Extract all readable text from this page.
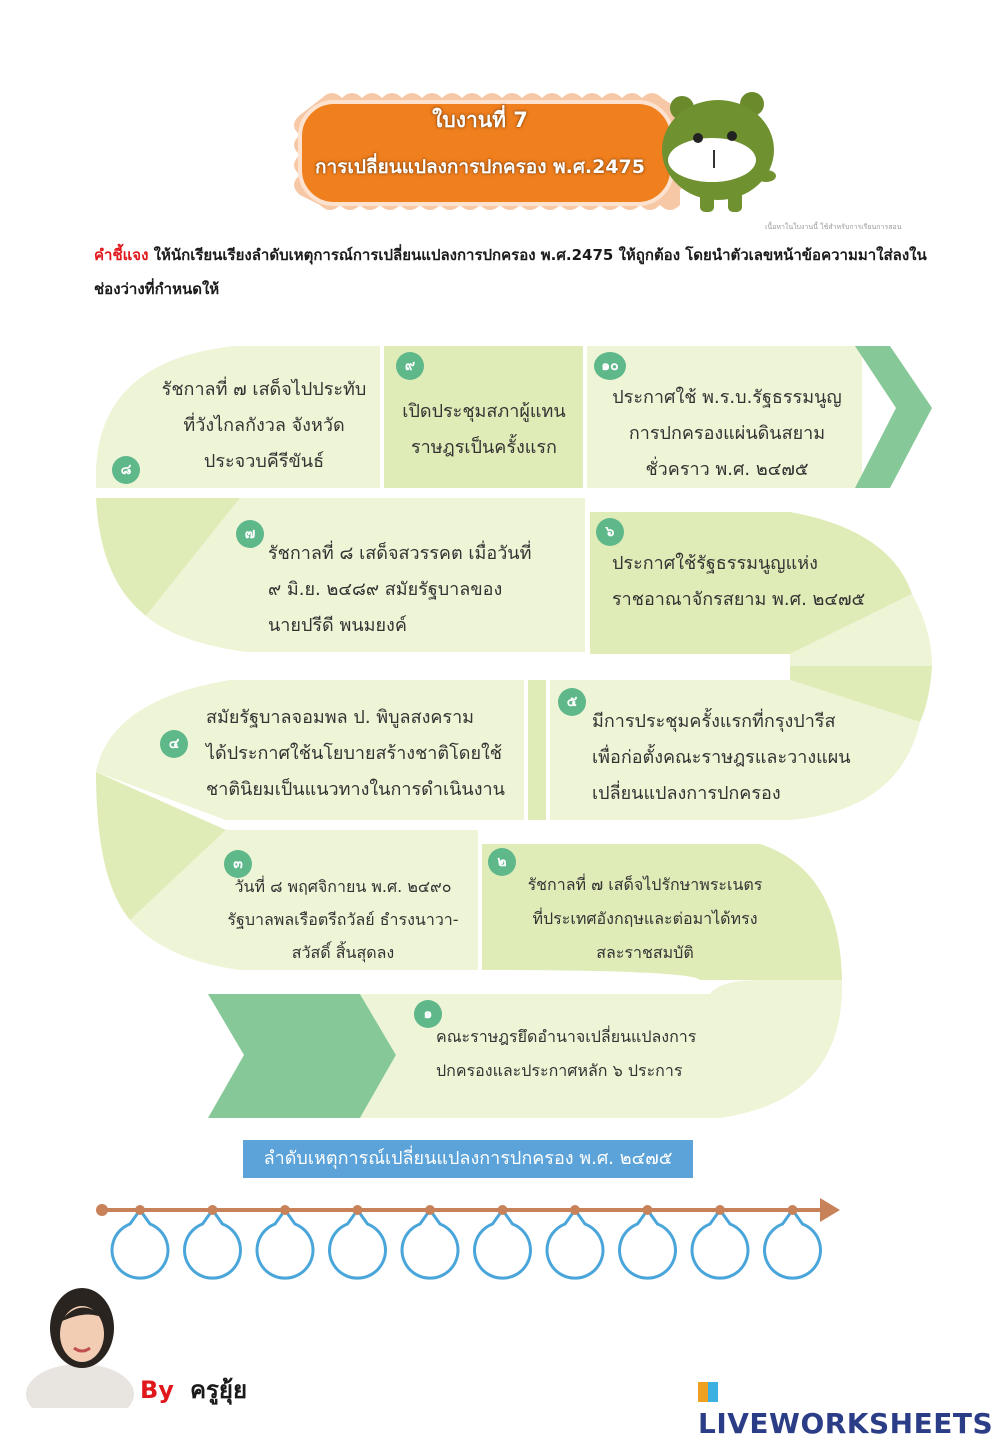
ใบงานที่ 7
การเปลี่ยนแปลงการปกครอง พ.ศ.2475
เนื้อหาในใบงานนี้ ใช้สำหรับการเรียนการสอน
คำชี้แจง ให้นักเรียนเรียงลำดับเหตุการณ์การเปลี่ยนแปลงการปกครอง พ.ศ.2475 ให้ถูกต้อง โดยนำตัวเลขหน้าข้อความมาใส่ลงในช่องว่างที่กำหนดให้
๘
๙	๑๐
๗	๖
๔
๕
๓	๒
๑
รัชกาลที่ ๗ เสด็จไปประทับ
ที่วังไกลกังวล จังหวัด
ประจวบคีรีขันธ์
เปิดประชุมสภาผู้แทน
ราษฎรเป็นครั้งแรก
ประกาศใช้ พ.ร.บ.รัฐธรรมนูญ
การปกครองแผ่นดินสยาม
ชั่วคราว พ.ศ. ๒๔๗๕
รัชกาลที่ ๘ เสด็จสวรรคต เมื่อวันที่
๙ มิ.ย. ๒๔๘๙ สมัยรัฐบาลของ
นายปรีดี พนมยงค์
ประกาศใช้รัฐธรรมนูญแห่ง
ราชอาณาจักรสยาม พ.ศ. ๒๔๗๕
สมัยรัฐบาลจอมพล ป. พิบูลสงคราม
ได้ประกาศใช้นโยบายสร้างชาติโดยใช้
ชาตินิยมเป็นแนวทางในการดำเนินงาน
มีการประชุมครั้งแรกที่กรุงปารีส
เพื่อก่อตั้งคณะราษฎรและวางแผน
เปลี่ยนแปลงการปกครอง
วันที่ ๘ พฤศจิกายน พ.ศ. ๒๔๙๐
รัฐบาลพลเรือตรีถวัลย์ ธำรงนาวา-
สวัสดิ์ สิ้นสุดลง
รัชกาลที่ ๗ เสด็จไปรักษาพระเนตร
ที่ประเทศอังกฤษและต่อมาได้ทรง
สละราชสมบัติ
คณะราษฎรยึดอำนาจเปลี่ยนแปลงการ
ปกครองและประกาศหลัก ๖ ประการ
ลำดับเหตุการณ์เปลี่ยนแปลงการปกครอง พ.ศ. ๒๔๗๕
By ครูยุ้ย
LIVEWORKSHEETS
